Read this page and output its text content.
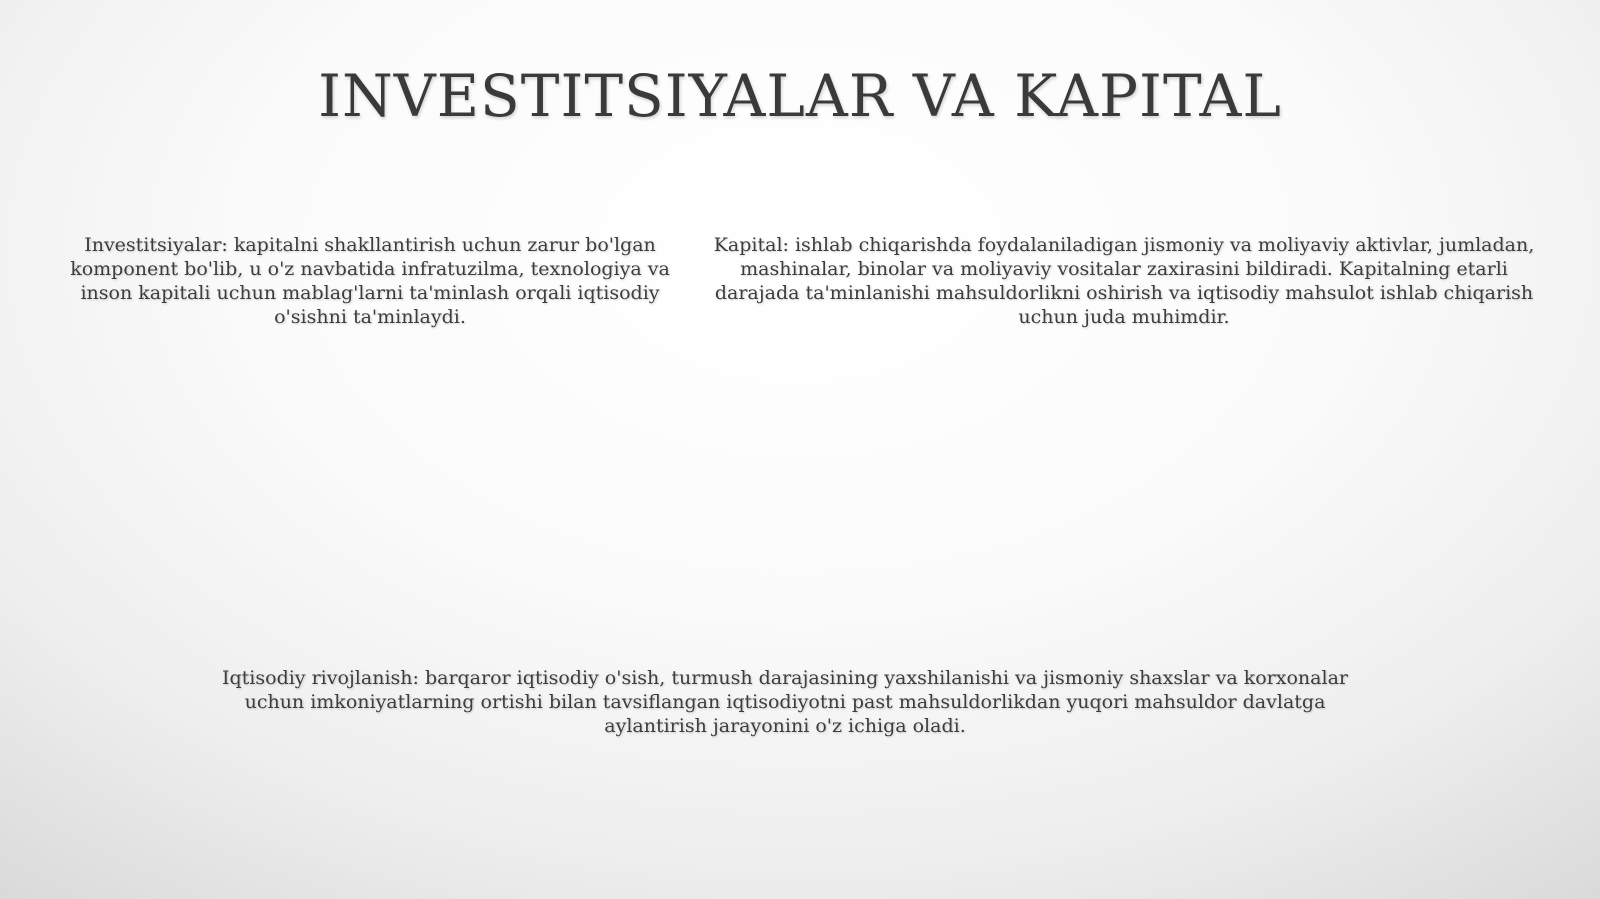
INVESTITSIYALAR VA KAPITAL

Investitsiyalar: kapitalni shakllantirish uchun zarur bo'lgan komponent bo'lib, u o'z navbatida infratuzilma, texnologiya va inson kapitali uchun mablag'larni ta'minlash orqali iqtisodiy o'sishni ta'minlaydi.

Kapital: ishlab chiqarishda foydalaniladigan jismoniy va moliyaviy aktivlar, jumladan, mashinalar, binolar va moliyaviy vositalar zaxirasini bildiradi. Kapitalning etarli darajada ta'minlanishi mahsuldorlikni oshirish va iqtisodiy mahsulot ishlab chiqarish uchun juda muhimdir.

Iqtisodiy rivojlanish: barqaror iqtisodiy o'sish, turmush darajasining yaxshilanishi va jismoniy shaxslar va korxonalar uchun imkoniyatlarning ortishi bilan tavsiflangan iqtisodiyotni past mahsuldorlikdan yuqori mahsuldor davlatga aylantirish jarayonini o'z ichiga oladi.
